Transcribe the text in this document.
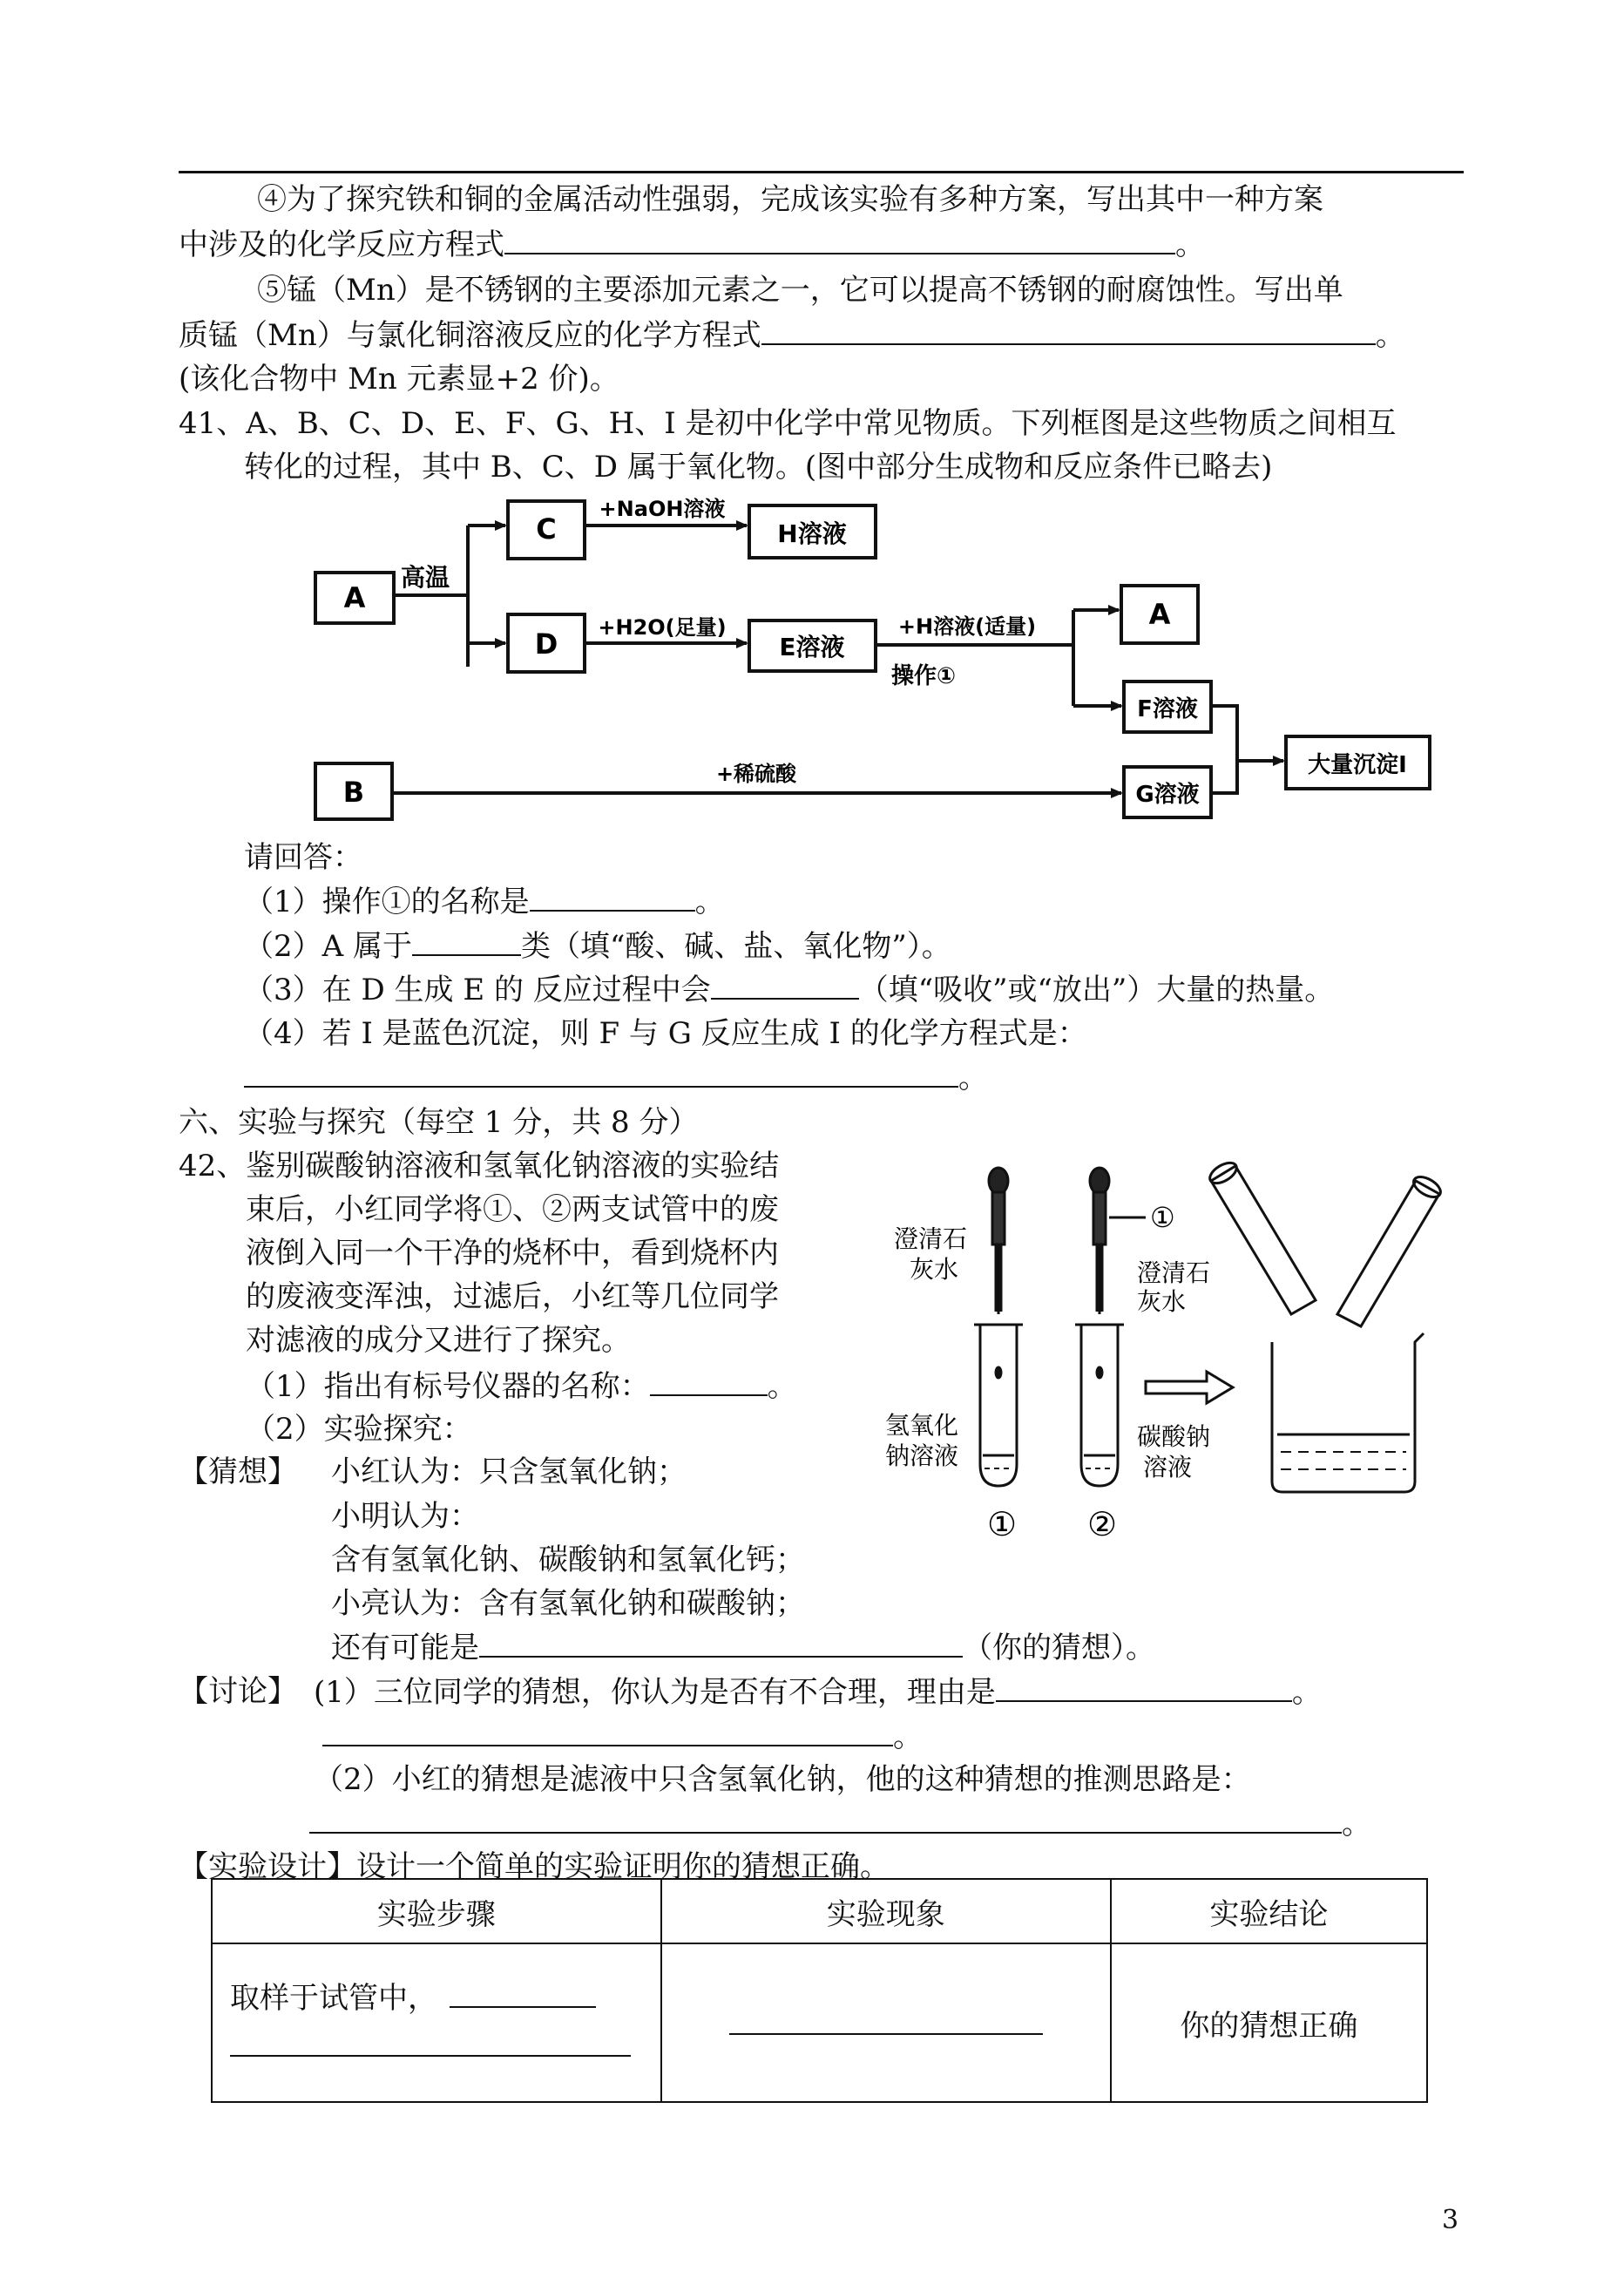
④为了探究铁和铜的金属活动性强弱，完成该实验有多种方案，写出其中一种方案
中涉及的化学反应方程式	。
⑤锰（Mn）是不锈钢的主要添加元素之一，它可以提高不锈钢的耐腐蚀性。写出单
质锰（Mn）与氯化铜溶液反应的化学方程式	。
(该化合物中 Mn 元素显+2 价)。
41、A、B、C、D、E、F、G、H、I 是初中化学中常见物质。下列框图是这些物质之间相互
转化的过程，其中 B、C、D 属于氧化物。(图中部分生成物和反应条件已略去)
A
C
D
H溶液
E溶液
A
F溶液
G溶液
大量沉淀I
B
高温
+NaOH溶液
+H2O(足量)	+H溶液(适量)
操作①
+稀硫酸
请回答：
（1）操作①的名称是	。
（2）A 属于	类（填“酸、碱、盐、氧化物”）。
（3）在 D 生成 E 的 反应过程中会	（填“吸收”或“放出”）大量的热量。
（4）若 I 是蓝色沉淀，则 F 与 G 反应生成 I 的化学方程式是：
。
六、实验与探究（每空 1 分，共 8 分）
42、鉴别碳酸钠溶液和氢氧化钠溶液的实验结
束后，小红同学将①、②两支试管中的废
液倒入同一个干净的烧杯中，看到烧杯内
的废液变浑浊，过滤后，小红等几位同学
对滤液的成分又进行了探究。
（1）指出有标号仪器的名称：	。
（2）实验探究：
【猜想】 小红认为：只含氢氧化钠；
小明认为：
含有氢氧化钠、碳酸钠和氢氧化钙；
小亮认为：含有氢氧化钠和碳酸钠；
还有可能是	（你的猜想）。
澄清石
灰水
①
澄清石
灰水
氢氧化
钠溶液
碳酸钠
溶液
① ②
【讨论】 (1）三位同学的猜想，你认为是否有不合理，理由是	。
。
（2）小红的猜想是滤液中只含氢氧化钠，他的这种猜想的推测思路是：
。
【实验设计】设计一个简单的实验证明你的猜想正确。
实验步骤	实验现象	实验结论
取样于试管中，		你的猜想正确
3
